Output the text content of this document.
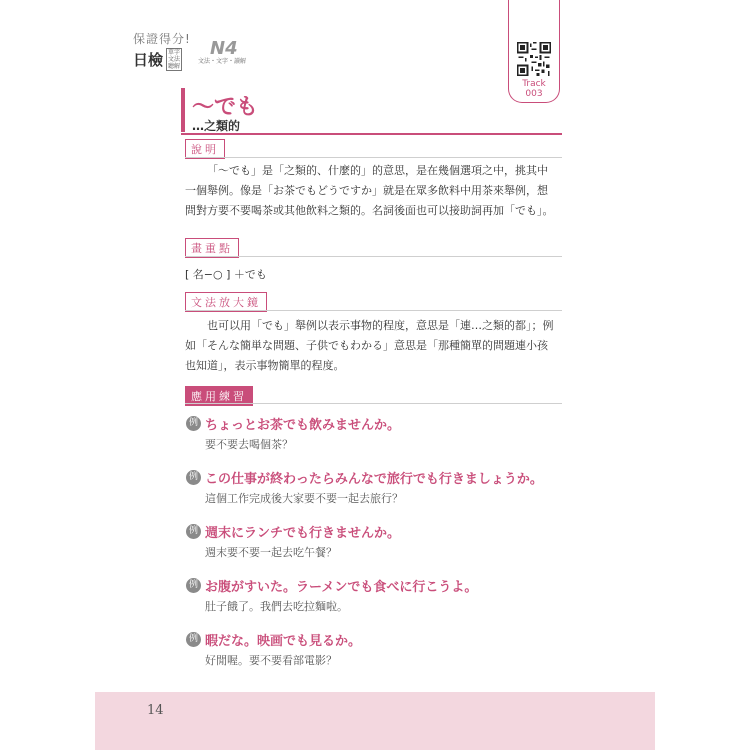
14
保證得分!
日檢 單字
文法
聽解
N4
文法・文字・讀解
Track
003
〜でも
…之類的
說明
「〜でも」是「之類的、什麼的」的意思，是在幾個選項之中，挑其中一個舉例。像是「お茶でもどうですか」就是在眾多飲料中用茶來舉例，想問對方要不要喝茶或其他飲料之類的。名詞後面也可以接助詞再加「でも」。
畫重點
[ 名−○ ] ＋でも
文法放大鏡
也可以用「でも」舉例以表示事物的程度，意思是「連…之類的都」；例如「そんな簡単な問題、子供でもわかる」意思是「那種簡單的問題連小孩也知道」，表示事物簡單的程度。
應用練習
例 ちょっとお茶でも飲みませんか。
要不要去喝個茶？
例 この仕事が終わったらみんなで旅行でも行きましょうか。
這個工作完成後大家要不要一起去旅行？
例 週末にランチでも行きませんか。
週末要不要一起去吃午餐？
例 お腹がすいた。ラーメンでも食べに行こうよ。
肚子餓了。我們去吃拉麵啦。
例 暇だな。映画でも見るか。
好閒喔。要不要看部電影？
